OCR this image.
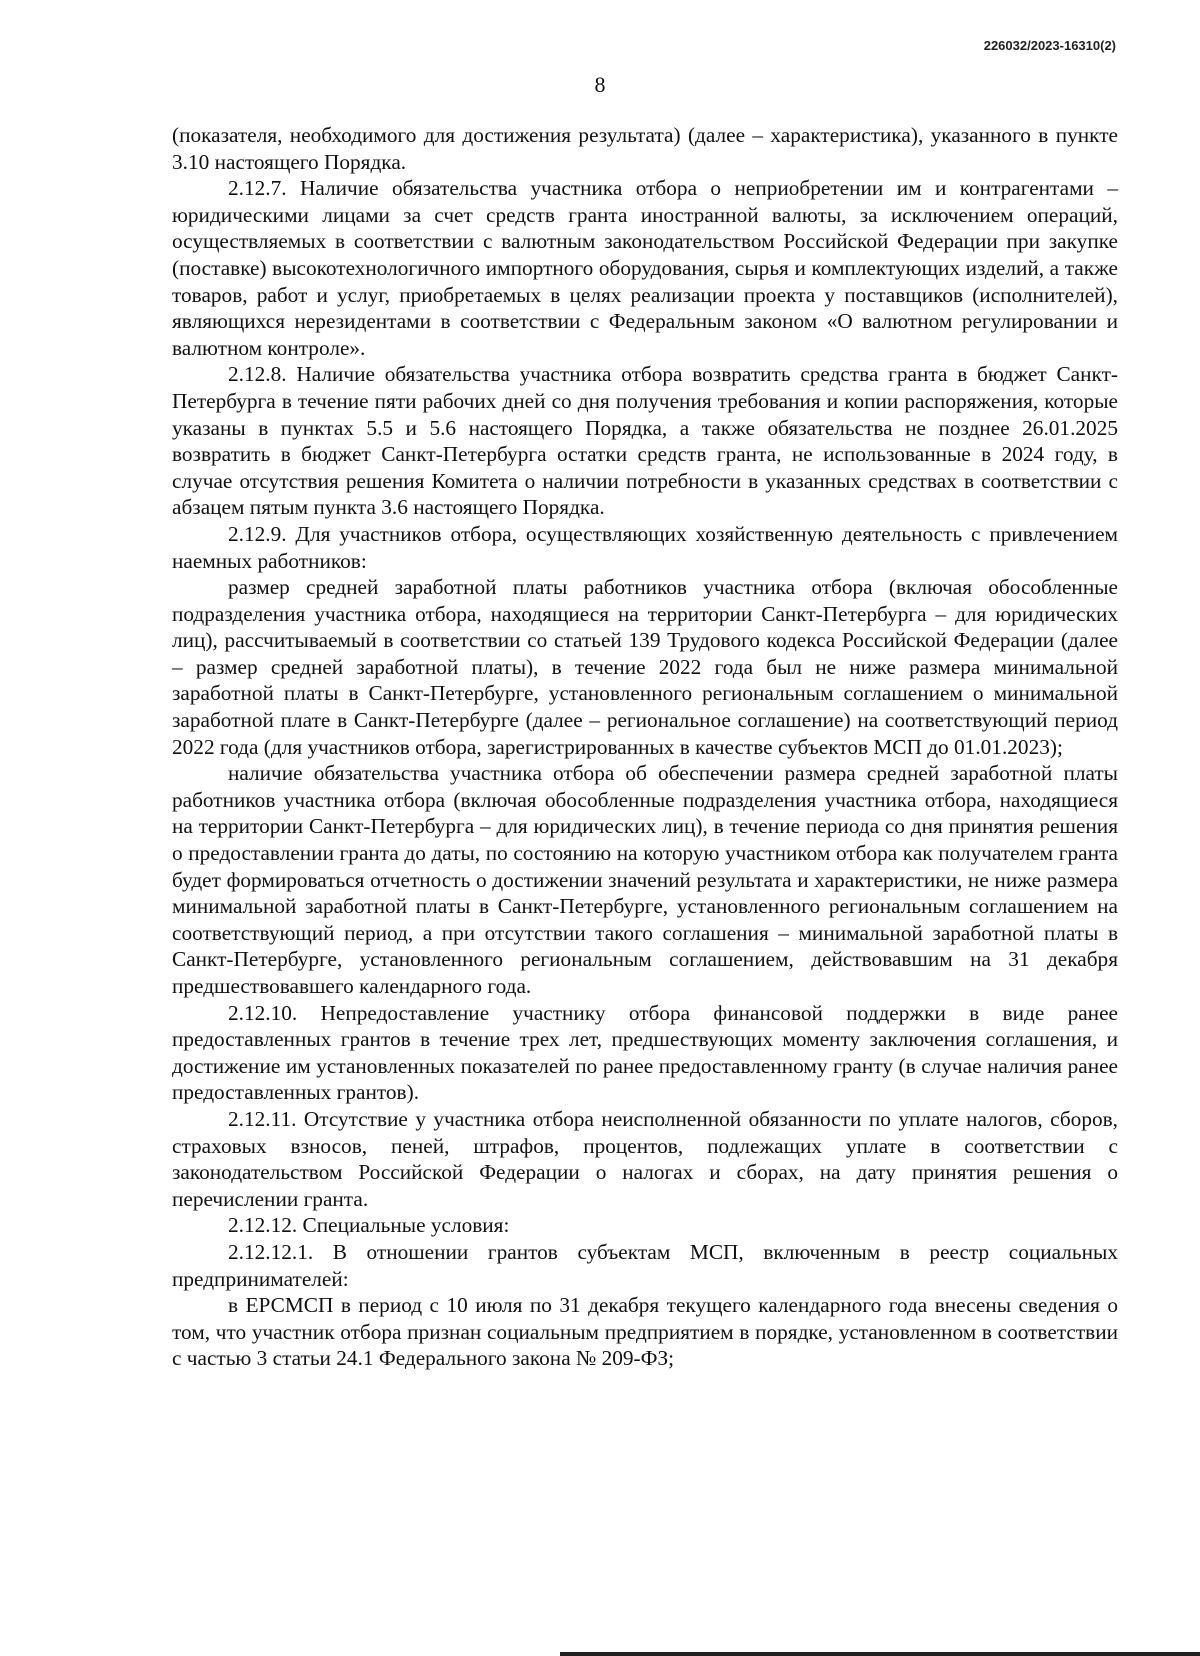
226032/2023-16310(2)
8

(показателя, необходимого для достижения результата) (далее – характеристика), указанного в пункте 3.10 настоящего Порядка.

2.12.7. Наличие обязательства участника отбора о неприобретении им и контрагентами – юридическими лицами за счет средств гранта иностранной валюты, за исключением операций, осуществляемых в соответствии с валютным законодательством Российской Федерации при закупке (поставке) высокотехнологичного импортного оборудования, сырья и комплектующих изделий, а также товаров, работ и услуг, приобретаемых в целях реализации проекта у поставщиков (исполнителей), являющихся нерезидентами в соответствии с Федеральным законом «О валютном регулировании и валютном контроле».

2.12.8. Наличие обязательства участника отбора возвратить средства гранта в бюджет Санкт-Петербурга в течение пяти рабочих дней со дня получения требования и копии распоряжения, которые указаны в пунктах 5.5 и 5.6 настоящего Порядка, а также обязательства не позднее 26.01.2025 возвратить в бюджет Санкт-Петербурга остатки средств гранта, не использованные в 2024 году, в случае отсутствия решения Комитета о наличии потребности в указанных средствах в соответствии с абзацем пятым пункта 3.6 настоящего Порядка.

2.12.9. Для участников отбора, осуществляющих хозяйственную деятельность с привлечением наемных работников:

размер средней заработной платы работников участника отбора (включая обособленные подразделения участника отбора, находящиеся на территории Санкт-Петербурга – для юридических лиц), рассчитываемый в соответствии со статьей 139 Трудового кодекса Российской Федерации (далее – размер средней заработной платы), в течение 2022 года был не ниже размера минимальной заработной платы в Санкт-Петербурге, установленного региональным соглашением о минимальной заработной плате в Санкт-Петербурге (далее – региональное соглашение) на соответствующий период 2022 года (для участников отбора, зарегистрированных в качестве субъектов МСП до 01.01.2023);

наличие обязательства участника отбора об обеспечении размера средней заработной платы работников участника отбора (включая обособленные подразделения участника отбора, находящиеся на территории Санкт-Петербурга – для юридических лиц), в течение периода со дня принятия решения о предоставлении гранта до даты, по состоянию на которую участником отбора как получателем гранта будет формироваться отчетность о достижении значений результата и характеристики, не ниже размера минимальной заработной платы в Санкт-Петербурге, установленного региональным соглашением на соответствующий период, а при отсутствии такого соглашения – минимальной заработной платы в Санкт-Петербурге, установленного региональным соглашением, действовавшим на 31 декабря предшествовавшего календарного года.

2.12.10. Непредоставление участнику отбора финансовой поддержки в виде ранее предоставленных грантов в течение трех лет, предшествующих моменту заключения соглашения, и достижение им установленных показателей по ранее предоставленному гранту (в случае наличия ранее предоставленных грантов).

2.12.11. Отсутствие у участника отбора неисполненной обязанности по уплате налогов, сборов, страховых взносов, пеней, штрафов, процентов, подлежащих уплате в соответствии с законодательством Российской Федерации о налогах и сборах, на дату принятия решения о перечислении гранта.

2.12.12. Специальные условия:

2.12.12.1. В отношении грантов субъектам МСП, включенным в реестр социальных предпринимателей:

в ЕРСМСП в период с 10 июля по 31 декабря текущего календарного года внесены сведения о том, что участник отбора признан социальным предприятием в порядке, установленном в соответствии с частью 3 статьи 24.1 Федерального закона № 209-ФЗ;
